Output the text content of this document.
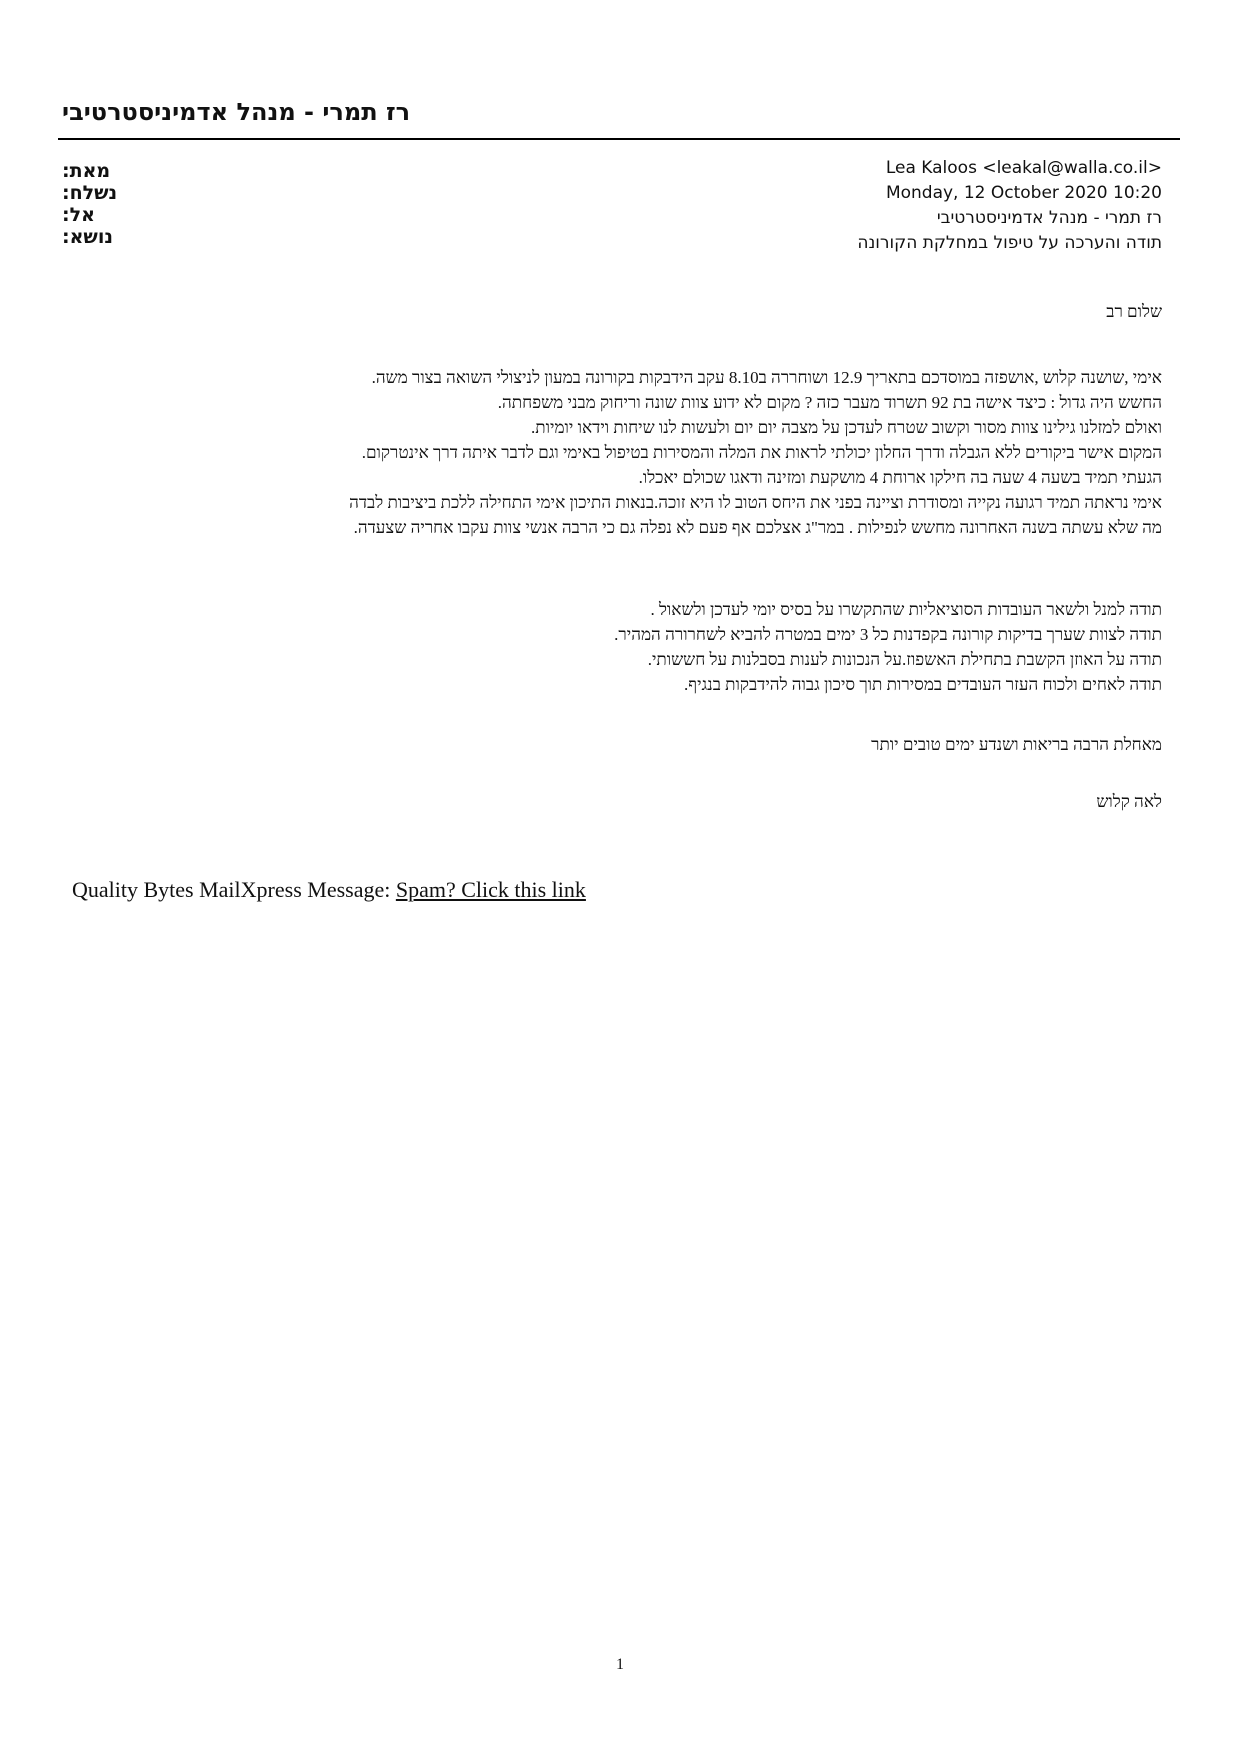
רז תמרי - מנהל אדמיניסטרטיבי
מאת:
נשלח:
אל:
נושא:
Lea Kaloos <leakal@walla.co.il>
Monday, 12 October 2020 10:20
רז תמרי - מנהל אדמיניסטרטיבי
תודה והערכה על טיפול במחלקת הקורונה
שלום רב
אימי ,שושנה קלוש ,אושפזה במוסדכם בתאריך 12.9 ושוחררה ב8.10 עקב הידבקות בקורונה במעון לניצולי השואה בצור משה.
החשש היה גדול : כיצד אישה בת 92 תשרוד מעבר כזה ? מקום לא ידוע צוות שונה וריחוק מבני משפחתה.
ואולם למזלנו גילינו צוות מסור וקשוב שטרח לעדכן על מצבה יום יום ולעשות לנו שיחות וידאו יומיות.
המקום אישר ביקורים ללא הגבלה ודרך החלון יכולתי לראות את המלה והמסירות בטיפול באימי וגם לדבר איתה דרך אינטרקום.
הגעתי תמיד בשעה 4 שעה בה חילקו ארוחת 4 מושקעת ומזינה ודאגו שכולם יאכלו.
אימי נראתה תמיד רגועה נקייה ומסודרת וציינה בפני את היחס הטוב לו היא זוכה.בנאות התיכון אימי התחילה ללכת ביציבות לבדה
מה שלא עשתה בשנה האחרונה מחשש לנפילות . במר"ג אצלכם אף פעם לא נפלה גם כי הרבה אנשי צוות עקבו אחריה שצעדה.
תודה למנל ולשאר העובדות הסוציאליות שהתקשרו על בסיס יומי לעדכן ולשאול .
תודה לצוות שערך בדיקות קורונה בקפדנות כל 3 ימים במטרה להביא לשחרורה המהיר.
תודה על האוזן הקשבת בתחילת האשפוז.על הנכונות לענות בסבלנות על חששותי.
תודה לאחים ולכוח העזר העובדים במסירות תוך סיכון גבוה להידבקות בנגיף.
מאחלת הרבה בריאות ושנדע ימים טובים יותר
לאה קלוש
Quality Bytes MailXpress Message: Spam? Click this link
1
